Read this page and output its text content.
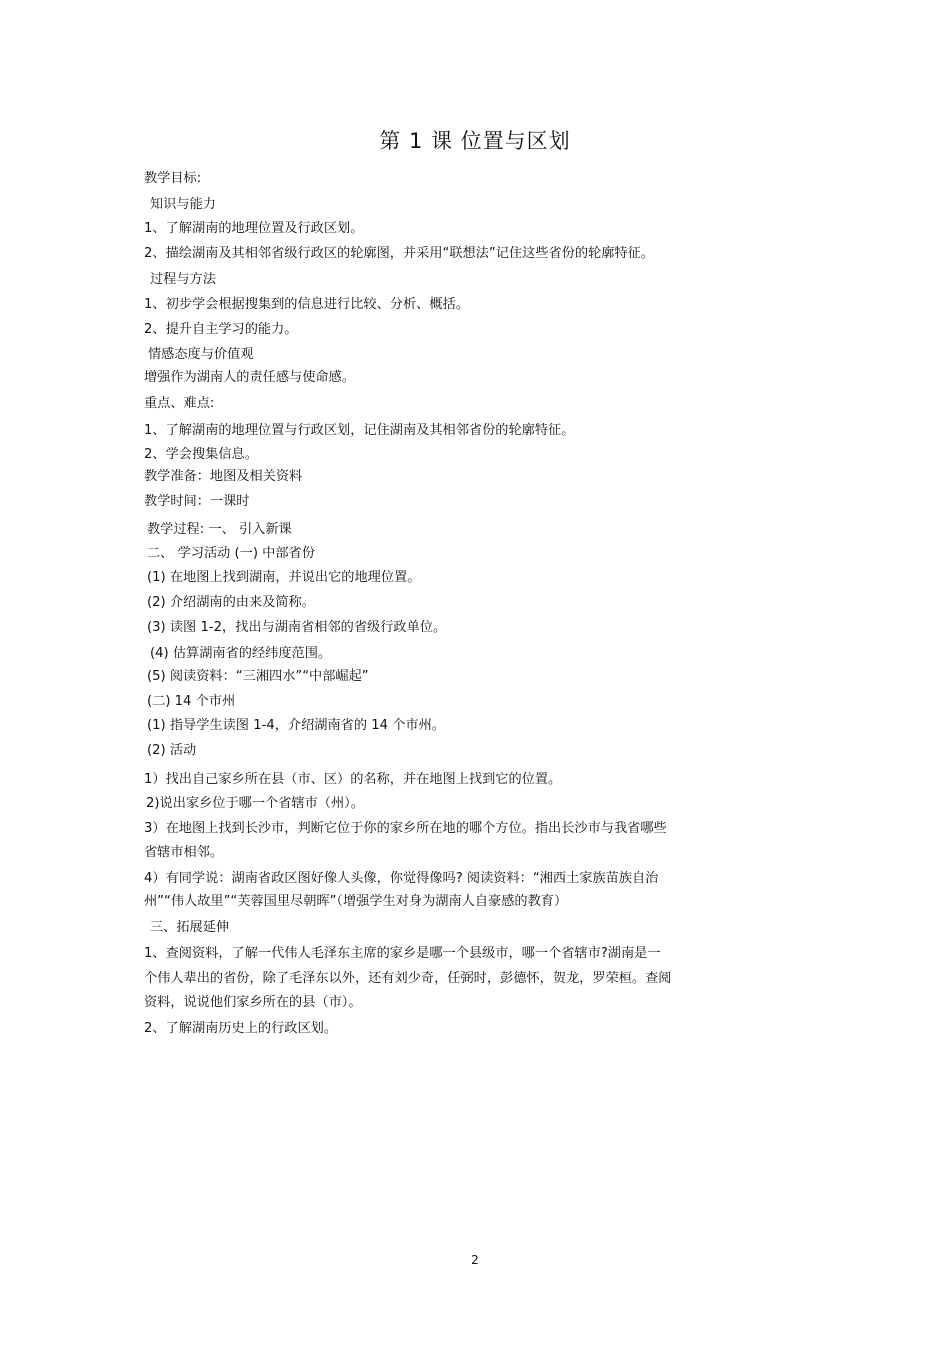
第 1 课 位置与区划
教学目标:
知识与能力
1、了解湖南的地理位置及行政区划。
2、描绘湖南及其相邻省级行政区的轮廓图，并采用“联想法”记住这些省份的轮廓特征。
过程与方法
1、初步学会根据搜集到的信息进行比较、分析、概括。
2、提升自主学习的能力。
情感态度与价值观
增强作为湖南人的责任感与使命感。
重点、难点:
1、了解湖南的地理位置与行政区划，记住湖南及其相邻省份的轮廓特征。
2、学会搜集信息。
教学准备：地图及相关资料
教学时间：一课时
教学过程: 一、 引入新课
二、 学习活动 (一) 中部省份
(1) 在地图上找到湖南，并说出它的地理位置。
(2) 介绍湖南的由来及简称。
(3) 读图 1-2，找出与湖南省相邻的省级行政单位。
(4) 估算湖南省的经纬度范围。
(5) 阅读资料：“三湘四水”“中部崛起”
(二) 14 个市州
(1) 指导学生读图 1-4，介绍湖南省的 14 个市州。
(2) 活动
1）找出自己家乡所在县（市、区）的名称，并在地图上找到它的位置。
2)说出家乡位于哪一个省辖市（州）。
3）在地图上找到长沙市，判断它位于你的家乡所在地的哪个方位。指出长沙市与我省哪些
省辖市相邻。
4）有同学说：湖南省政区图好像人头像，你觉得像吗? 阅读资料：“湘西土家族苗族自治
州”“伟人故里”“芙蓉国里尽朝晖”（增强学生对身为湖南人自豪感的教育）
三、拓展延伸
1、查阅资料，了解一代伟人毛泽东主席的家乡是哪一个县级市，哪一个省辖市?湖南是一
个伟人辈出的省份，除了毛泽东以外，还有刘少奇，任弼时，彭德怀，贺龙，罗荣桓。查阅
资料，说说他们家乡所在的县（市）。
2、了解湖南历史上的行政区划。
2
